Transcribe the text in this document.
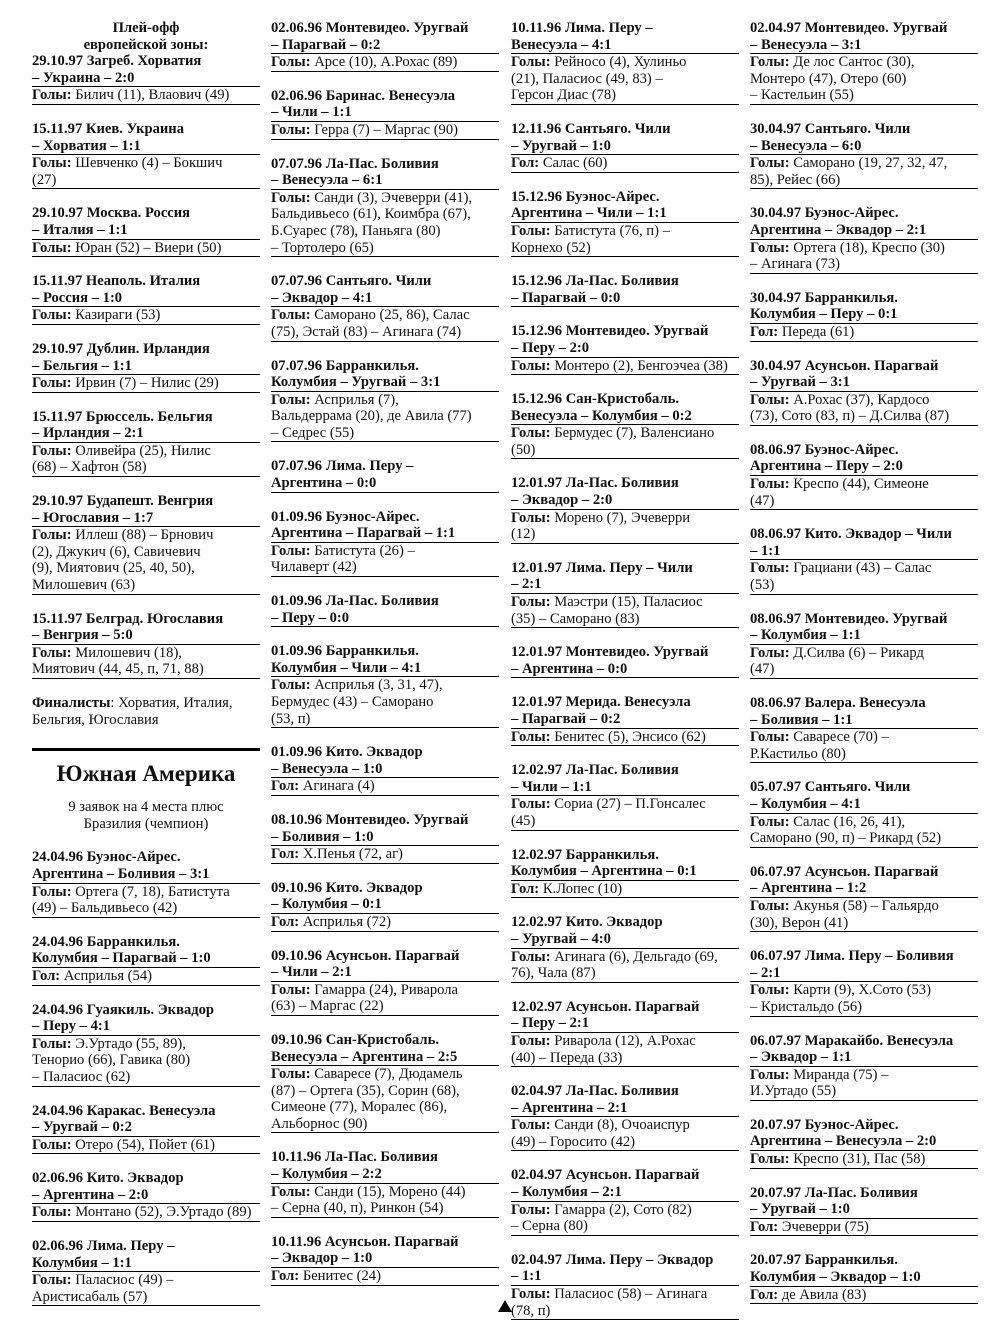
Плей-офф
европейской зоны:
29.10.97 Загреб. Хорватия
– Украина – 2:0
Голы: Билич (11), Влаович (49)
15.11.97 Киев. Украина
– Хорватия – 1:1
Голы: Шевченко (4) – Бокшич
(27)
29.10.97 Москва. Россия
– Италия – 1:1
Голы: Юран (52) – Виери (50)
15.11.97 Неаполь. Италия
– Россия – 1:0
Голы: Казираги (53)
29.10.97 Дублин. Ирландия
– Бельгия – 1:1
Голы: Ирвин (7) – Нилис (29)
15.11.97 Брюссель. Бельгия
– Ирландия – 2:1
Голы: Оливейра (25), Нилис
(68) – Хафтон (58)
29.10.97 Будапешт. Венгрия
– Югославия – 1:7
Голы: Иллеш (88) – Брнович
(2), Джукич (6), Савичевич
(9), Миятович (25, 40, 50),
Милошевич (63)
15.11.97 Белград. Югославия
– Венгрия – 5:0
Голы: Милошевич (18),
Миятович (44, 45, п, 71, 88)
Финалисты: Хорватия, Италия,
Бельгия, Югославия
Южная Америка
9 заявок на 4 места плюс
Бразилия (чемпион)
24.04.96 Буэнос-Айрес.
Аргентина – Боливия – 3:1
Голы: Ортега (7, 18), Батистута
(49) – Бальдивьесо (42)
24.04.96 Барранкилья.
Колумбия – Парагвай – 1:0
Гол: Асприлья (54)
24.04.96 Гуаякиль. Эквадор
– Перу – 4:1
Голы: Э.Уртадо (55, 89),
Тенорио (66), Гавика (80)
– Паласиос (62)
24.04.96 Каракас. Венесуэла
– Уругвай – 0:2
Голы: Отеро (54), Пойет (61)
02.06.96 Кито. Эквадор
– Аргентина – 2:0
Голы: Монтано (52), Э.Уртадо (89)
02.06.96 Лима. Перу –
Колумбия – 1:1
Голы: Паласиос (49) –
Аристисабаль (57)
02.06.96 Монтевидео. Уругвай
– Парагвай – 0:2
Голы: Арсе (10), А.Рохас (89)
02.06.96 Баринас. Венесуэла
– Чили – 1:1
Голы: Герра (7) – Маргас (90)
07.07.96 Ла-Пас. Боливия
– Венесуэла – 6:1
Голы: Санди (3), Эчеверри (41),
Бальдивьесо (61), Коимбра (67),
Б.Суарес (78), Паньяга (80)
– Тортолеро (65)
07.07.96 Сантьяго. Чили
– Эквадор – 4:1
Голы: Саморано (25, 86), Салас
(75), Эстай (83) – Агинага (74)
07.07.96 Барранкилья.
Колумбия – Уругвай – 3:1
Голы: Асприлья (7),
Вальдеррама (20), де Авила (77)
– Седрес (55)
07.07.96 Лима. Перу –
Аргентина – 0:0
01.09.96 Буэнос-Айрес.
Аргентина – Парагвай – 1:1
Голы: Батистута (26) –
Чилаверт (42)
01.09.96 Ла-Пас. Боливия
– Перу – 0:0
01.09.96 Барранкилья.
Колумбия – Чили – 4:1
Голы: Асприлья (3, 31, 47),
Бермудес (43) – Саморано
(53, п)
01.09.96 Кито. Эквадор
– Венесуэла – 1:0
Гол: Агинага (4)
08.10.96 Монтевидео. Уругвай
– Боливия – 1:0
Гол: Х.Пенья (72, аг)
09.10.96 Кито. Эквадор
– Колумбия – 0:1
Гол: Асприлья (72)
09.10.96 Асунсьон. Парагвай
– Чили – 2:1
Голы: Гамарра (24), Риварола
(63) – Маргас (22)
09.10.96 Сан-Кристобаль.
Венесуэла – Аргентина – 2:5
Голы: Саваресе (7), Дюдамель
(87) – Ортега (35), Сорин (68),
Симеоне (77), Моралес (86),
Альборнос (90)
10.11.96 Ла-Пас. Боливия
– Колумбия – 2:2
Голы: Санди (15), Морено (44)
– Серна (40, п), Ринкон (54)
10.11.96 Асунсьон. Парагвай
– Эквадор – 1:0
Гол: Бенитес (24)
10.11.96 Лима. Перу –
Венесуэла – 4:1
Голы: Рейносо (4), Хулиньо
(21), Паласиос (49, 83) –
Герсон Диас (78)
12.11.96 Сантьяго. Чили
– Уругвай – 1:0
Гол: Салас (60)
15.12.96 Буэнос-Айрес.
Аргентина – Чили – 1:1
Голы: Батистута (76, п) –
Корнехо (52)
15.12.96 Ла-Пас. Боливия
– Парагвай – 0:0
15.12.96 Монтевидео. Уругвай
– Перу – 2:0
Голы: Монтеро (2), Бенгоэчеа (38)
15.12.96 Сан-Кристобаль.
Венесуэла – Колумбия – 0:2
Голы: Бермудес (7), Валенсиано
(50)
12.01.97 Ла-Пас. Боливия
– Эквадор – 2:0
Голы: Морено (7), Эчеверри
(12)
12.01.97 Лима. Перу – Чили
– 2:1
Голы: Маэстри (15), Паласиос
(35) – Саморано (83)
12.01.97 Монтевидео. Уругвай
– Аргентина – 0:0
12.01.97 Мерида. Венесуэла
– Парагвай – 0:2
Голы: Бенитес (5), Энсисо (62)
12.02.97 Ла-Пас. Боливия
– Чили – 1:1
Голы: Сориа (27) – П.Гонсалес
(45)
12.02.97 Барранкилья.
Колумбия – Аргентина – 0:1
Гол: К.Лопес (10)
12.02.97 Кито. Эквадор
– Уругвай – 4:0
Голы: Агинага (6), Дельгадо (69,
76), Чала (87)
12.02.97 Асунсьон. Парагвай
– Перу – 2:1
Голы: Риварола (12), А.Рохас
(40) – Переда (33)
02.04.97 Ла-Пас. Боливия
– Аргентина – 2:1
Голы: Санди (8), Очоаиспур
(49) – Горосито (42)
02.04.97 Асунсьон. Парагвай
– Колумбия – 2:1
Голы: Гамарра (2), Сото (82)
– Серна (80)
02.04.97 Лима. Перу – Эквадор
– 1:1
Голы: Паласиос (58) – Агинага
(78, п)
02.04.97 Монтевидео. Уругвай
– Венесуэла – 3:1
Голы: Де лос Сантос (30),
Монтеро (47), Отеро (60)
– Кастельин (55)
30.04.97 Сантьяго. Чили
– Венесуэла – 6:0
Голы: Саморано (19, 27, 32, 47,
85), Рейес (66)
30.04.97 Буэнос-Айрес.
Аргентина – Эквадор – 2:1
Голы: Ортега (18), Креспо (30)
– Агинага (73)
30.04.97 Барранкилья.
Колумбия – Перу – 0:1
Гол: Переда (61)
30.04.97 Асунсьон. Парагвай
– Уругвай – 3:1
Голы: А.Рохас (37), Кардосо
(73), Сото (83, п) – Д.Силва (87)
08.06.97 Буэнос-Айрес.
Аргентина – Перу – 2:0
Голы: Креспо (44), Симеоне
(47)
08.06.97 Кито. Эквадор – Чили
– 1:1
Голы: Грациани (43) – Салас
(53)
08.06.97 Монтевидео. Уругвай
– Колумбия – 1:1
Голы: Д.Силва (6) – Рикард
(47)
08.06.97 Валера. Венесуэла
– Боливия – 1:1
Голы: Саваресе (70) –
Р.Кастильо (80)
05.07.97 Сантьяго. Чили
– Колумбия – 4:1
Голы: Салас (16, 26, 41),
Саморано (90, п) – Рикард (52)
06.07.97 Асунсьон. Парагвай
– Аргентина – 1:2
Голы: Акунья (58) – Гальярдо
(30), Верон (41)
06.07.97 Лима. Перу – Боливия
– 2:1
Голы: Карти (9), Х.Сото (53)
– Кристальдо (56)
06.07.97 Маракайбо. Венесуэла
– Эквадор – 1:1
Голы: Миранда (75) –
И.Уртадо (55)
20.07.97 Буэнос-Айрес.
Аргентина – Венесуэла – 2:0
Голы: Креспо (31), Пас (58)
20.07.97 Ла-Пас. Боливия
– Уругвай – 1:0
Гол: Эчеверри (75)
20.07.97 Барранкилья.
Колумбия – Эквадор – 1:0
Гол: де Авила (83)
